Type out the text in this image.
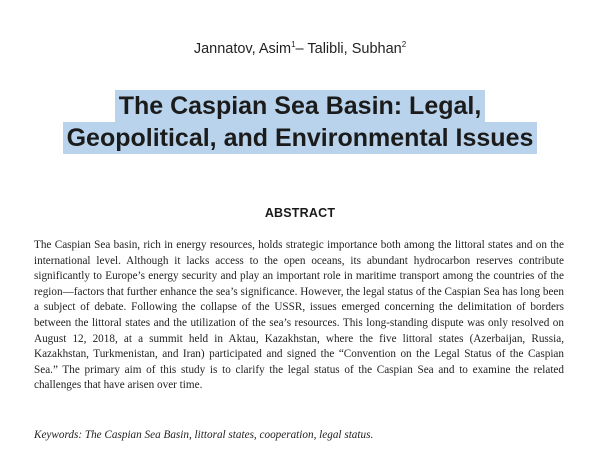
Jannatov, Asim$^1$– Talibli, Subhan$^2$
The Caspian Sea Basin: Legal,
Geopolitical, and Environmental Issues
ABSTRACT

The Caspian Sea basin, rich in energy resources, holds strategic importance both among the littoral states and on the international level. Although it lacks access to the open oceans, its abundant hydrocarbon reserves contribute significantly to Europe’s energy security and play an important role in maritime transport among the countries of the region—factors that further enhance the sea’s significance. However, the legal status of the Caspian Sea has long been a subject of debate. Following the collapse of the USSR, issues emerged concerning the delimitation of borders between the littoral states and the utilization of the sea’s resources. This long-standing dispute was only resolved on August 12, 2018, at a summit held in Aktau, Kazakhstan, where the five littoral states (Azerbaijan, Russia, Kazakhstan, Turkmenistan, and Iran) participated and signed the “Convention on the Legal Status of the Caspian Sea.” The primary aim of this study is to clarify the legal status of the Caspian Sea and to examine the related challenges that have arisen over time.

Keywords: The Caspian Sea Basin, littoral states, cooperation, legal status.
